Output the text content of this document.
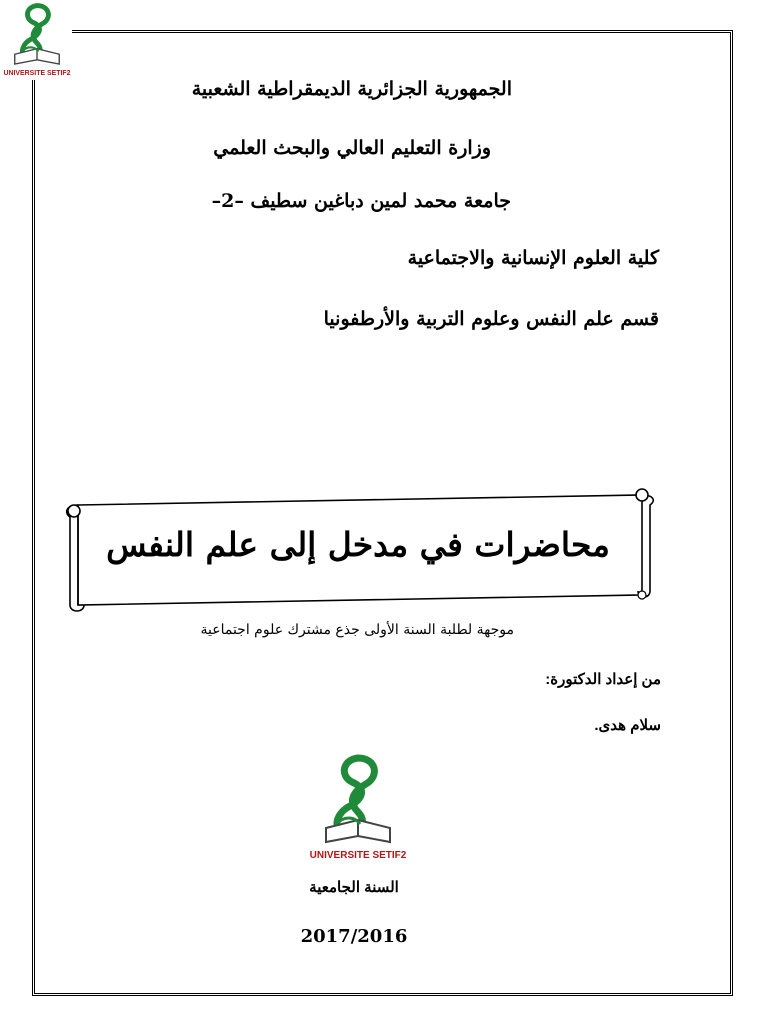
UNIVERSITE SETIF2
الجمهورية الجزائرية الديمقراطية الشعبية
وزارة التعليم العالي والبحث العلمي
جامعة محمد لمين دباغين سطيف –2–
كلية العلوم الإنسانية والاجتماعية
قسم علم النفس وعلوم التربية والأرطفونيا
محاضرات في مدخل إلى علم النفس
موجهة لطلبة السنة الأولى جذع مشترك علوم اجتماعية
من إعداد الدكتورة:
سلام هدى.
UNIVERSITE SETIF2
السنة الجامعية
2017/2016
